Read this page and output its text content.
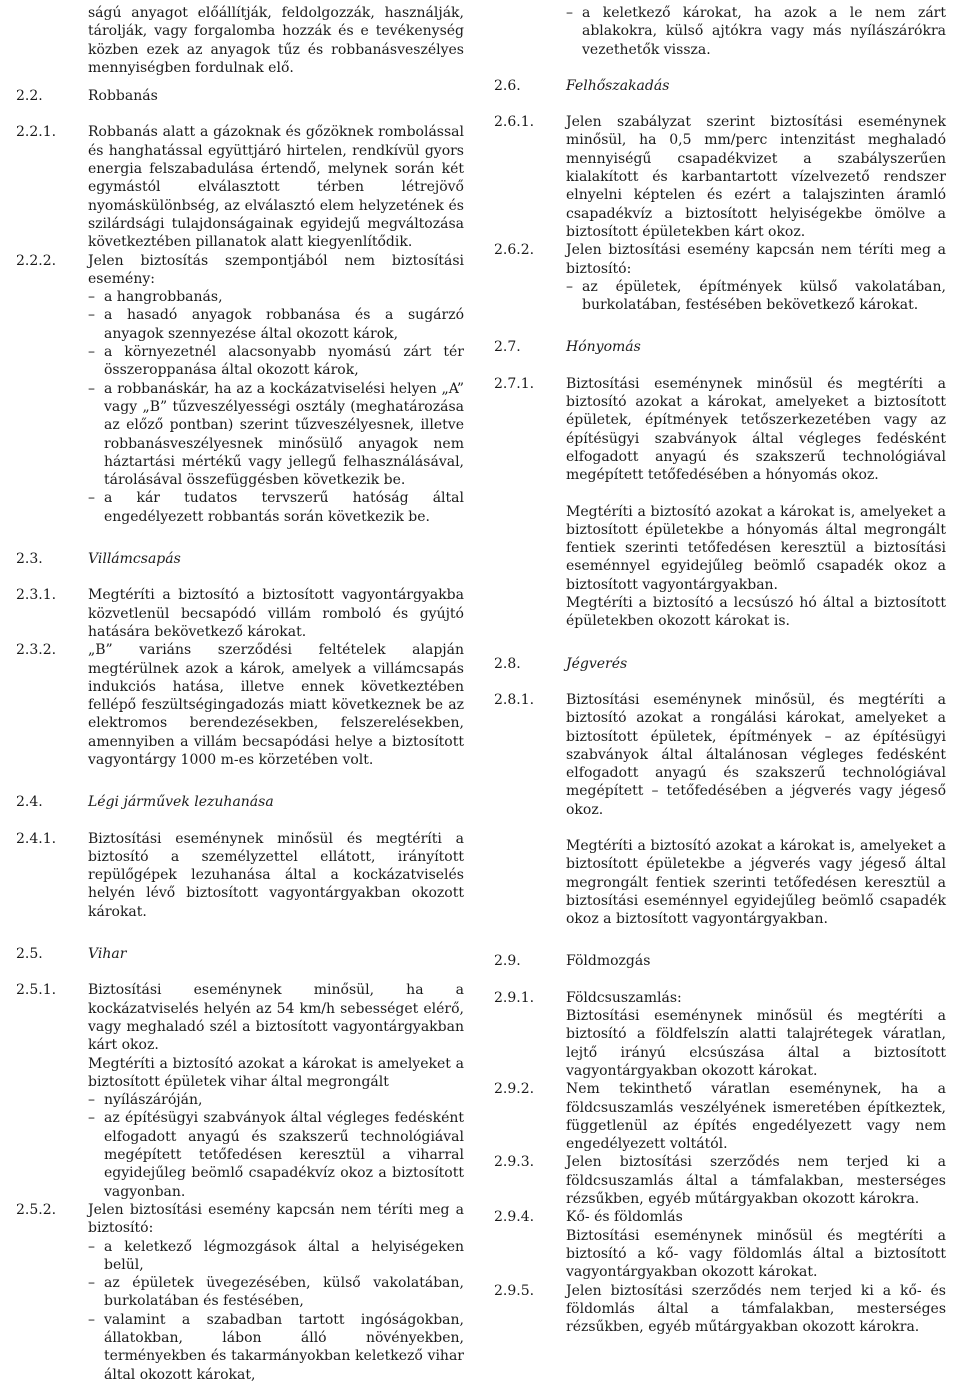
ságú anyagot előállítják, feldolgozzák, használják, tárolják, vagy forgalomba hozzák és e tevékenység közben ezek az anyagok tűz és robbanásveszélyes mennyiségben fordulnak elő.
2.2.	Robbanás
2.2.1. Robbanás alatt a gázoknak és gőzöknek rombolással és hanghatással együttjáró hirtelen, rendkívül gyors energia felszabadulása értendő, melynek során két egymástól elválasztott térben létrejövő nyomáskülönbség, az elválasztó elem helyzetének és szilárdsági tulajdonságainak egyidejű megváltozása következtében pillanatok alatt kiegyenlítődik.
2.2.2. Jelen biztosítás szempontjából nem biztosítási esemény:
– a hangrobbanás,
– a hasadó anyagok robbanása és a sugárzó anyagok szennyezése által okozott károk,
– a környezetnél alacsonyabb nyomású zárt tér összeroppanása által okozott károk,
– a robbanáskár, ha az a kockázatviselési helyen „A” vagy „B” tűzveszélyességi osztály (meghatározása az előző pontban) szerint tűzveszélyesnek, illetve robbanásveszélyesnek minősülő anyagok nem háztartási mértékű vagy jellegű felhasználásával, tárolásával összefüggésben következik be.
– a kár tudatos tervszerű hatóság által engedélyezett robbantás során következik be.
2.3.	Villámcsapás
2.3.1. Megtéríti a biztosító a biztosított vagyontárgyakba közvetlenül becsapódó villám romboló és gyújtó hatására bekövetkező károkat.
2.3.2. „B” variáns szerződési feltételek alapján megtérülnek azok a károk, amelyek a villámcsapás indukciós hatása, illetve ennek következtében fellépő feszültségingadozás miatt következnek be az elektromos berendezésekben, felszerelésekben, amennyiben a villám becsapódási helye a biztosított vagyontárgy 1000 m-es körzetében volt.
2.4.	Légi járművek lezuhanása
2.4.1. Biztosítási eseménynek minősül és megtéríti a biztosító a személyzettel ellátott, irányított repülőgépek lezuhanása által a kockázatviselés helyén lévő biztosított vagyontárgyakban okozott károkat.
2.5.	Vihar
2.5.1. Biztosítási eseménynek minősül, ha a kockázatviselés helyén az 54 km/h sebességet elérő, vagy meghaladó szél a biztosított vagyontárgyakban kárt okoz.
Megtéríti a biztosító azokat a károkat is amelyeket a biztosított épületek vihar által megrongált
– nyílászáróján,
– az építésügyi szabványok által végleges fedésként elfogadott anyagú és szakszerű technológiával megépített tetőfedésen keresztül a viharral egyidejűleg beömlő csapadékvíz okoz a biztosított vagyonban.
2.5.2. Jelen biztosítási esemény kapcsán nem téríti meg a biztosító:
– a keletkező légmozgások által a helyiségeken belül,
– az épületek üvegezésében, külső vakolatában, burkolatában és festésében,
– valamint a szabadban tartott ingóságokban, állatokban, lábon álló növényekben, terményekben és takarmányokban keletkező vihar által okozott károkat,
– a keletkező károkat, ha azok a le nem zárt ablakokra, külső ajtókra vagy más nyílászárókra vezethetők vissza.
2.6.	Felhőszakadás
2.6.1. Jelen szabályzat szerint biztosítási eseménynek minősül, ha 0,5 mm/perc intenzitást meghaladó mennyiségű csapadékvizet a szabályszerűen kialakított és karbantartott vízelvezető rendszer elnyelni képtelen és ezért a talajszinten áramló csapadékvíz a biztosított helyiségekbe ömölve a biztosított épületekben kárt okoz.
2.6.2. Jelen biztosítási esemény kapcsán nem téríti meg a biztosító:
– az épületek, építmények külső vakolatában, burkolatában, festésében bekövetkező károkat.
2.7.	Hónyomás
2.7.1. Biztosítási eseménynek minősül és megtéríti a biztosító azokat a károkat, amelyeket a biztosított épületek, építmények tetőszerkezetében vagy az építésügyi szabványok által végleges fedésként elfogadott anyagú és szakszerű technológiával megépített tetőfedésében a hónyomás okoz.
Megtéríti a biztosító azokat a károkat is, amelyeket a biztosított épületekbe a hónyomás által megrongált fentiek szerinti tetőfedésen keresztül a biztosítási eseménnyel egyidejűleg beömlő csapadék okoz a biztosított vagyontárgyakban.
Megtéríti a biztosító a lecsúszó hó által a biztosított épületekben okozott károkat is.
2.8.	Jégverés
2.8.1. Biztosítási eseménynek minősül, és megtéríti a biztosító azokat a rongálási károkat, amelyeket a biztosított épületek, építmények – az építésügyi szabványok által általánosan végleges fedésként elfogadott anyagú és szakszerű technológiával megépített – tetőfedésében a jégverés vagy jégeső okoz.
Megtéríti a biztosító azokat a károkat is, amelyeket a biztosított épületekbe a jégverés vagy jégeső által megrongált fentiek szerinti tetőfedésen keresztül a biztosítási eseménnyel egyidejűleg beömlő csapadék okoz a biztosított vagyontárgyakban.
2.9.	Földmozgás
2.9.1. Földcsuszamlás:
Biztosítási eseménynek minősül és megtéríti a biztosító a földfelszín alatti talajrétegek váratlan, lejtő irányú elcsúszása által a biztosított vagyontárgyakban okozott károkat.
2.9.2. Nem tekinthető váratlan eseménynek, ha a földcsuszamlás veszélyének ismeretében építkeztek, függetlenül az építés engedélyezett vagy nem engedélyezett voltától.
2.9.3. Jelen biztosítási szerződés nem terjed ki a földcsuszamlás által a támfalakban, mesterséges rézsűkben, egyéb műtárgyakban okozott károkra.
2.9.4. Kő- és földomlás
Biztosítási eseménynek minősül és megtéríti a biztosító a kő- vagy földomlás által a biztosított vagyontárgyakban okozott károkat.
2.9.5. Jelen biztosítási szerződés nem terjed ki a kő- és földomlás által a támfalakban, mesterséges rézsűkben, egyéb műtárgyakban okozott károkra.
